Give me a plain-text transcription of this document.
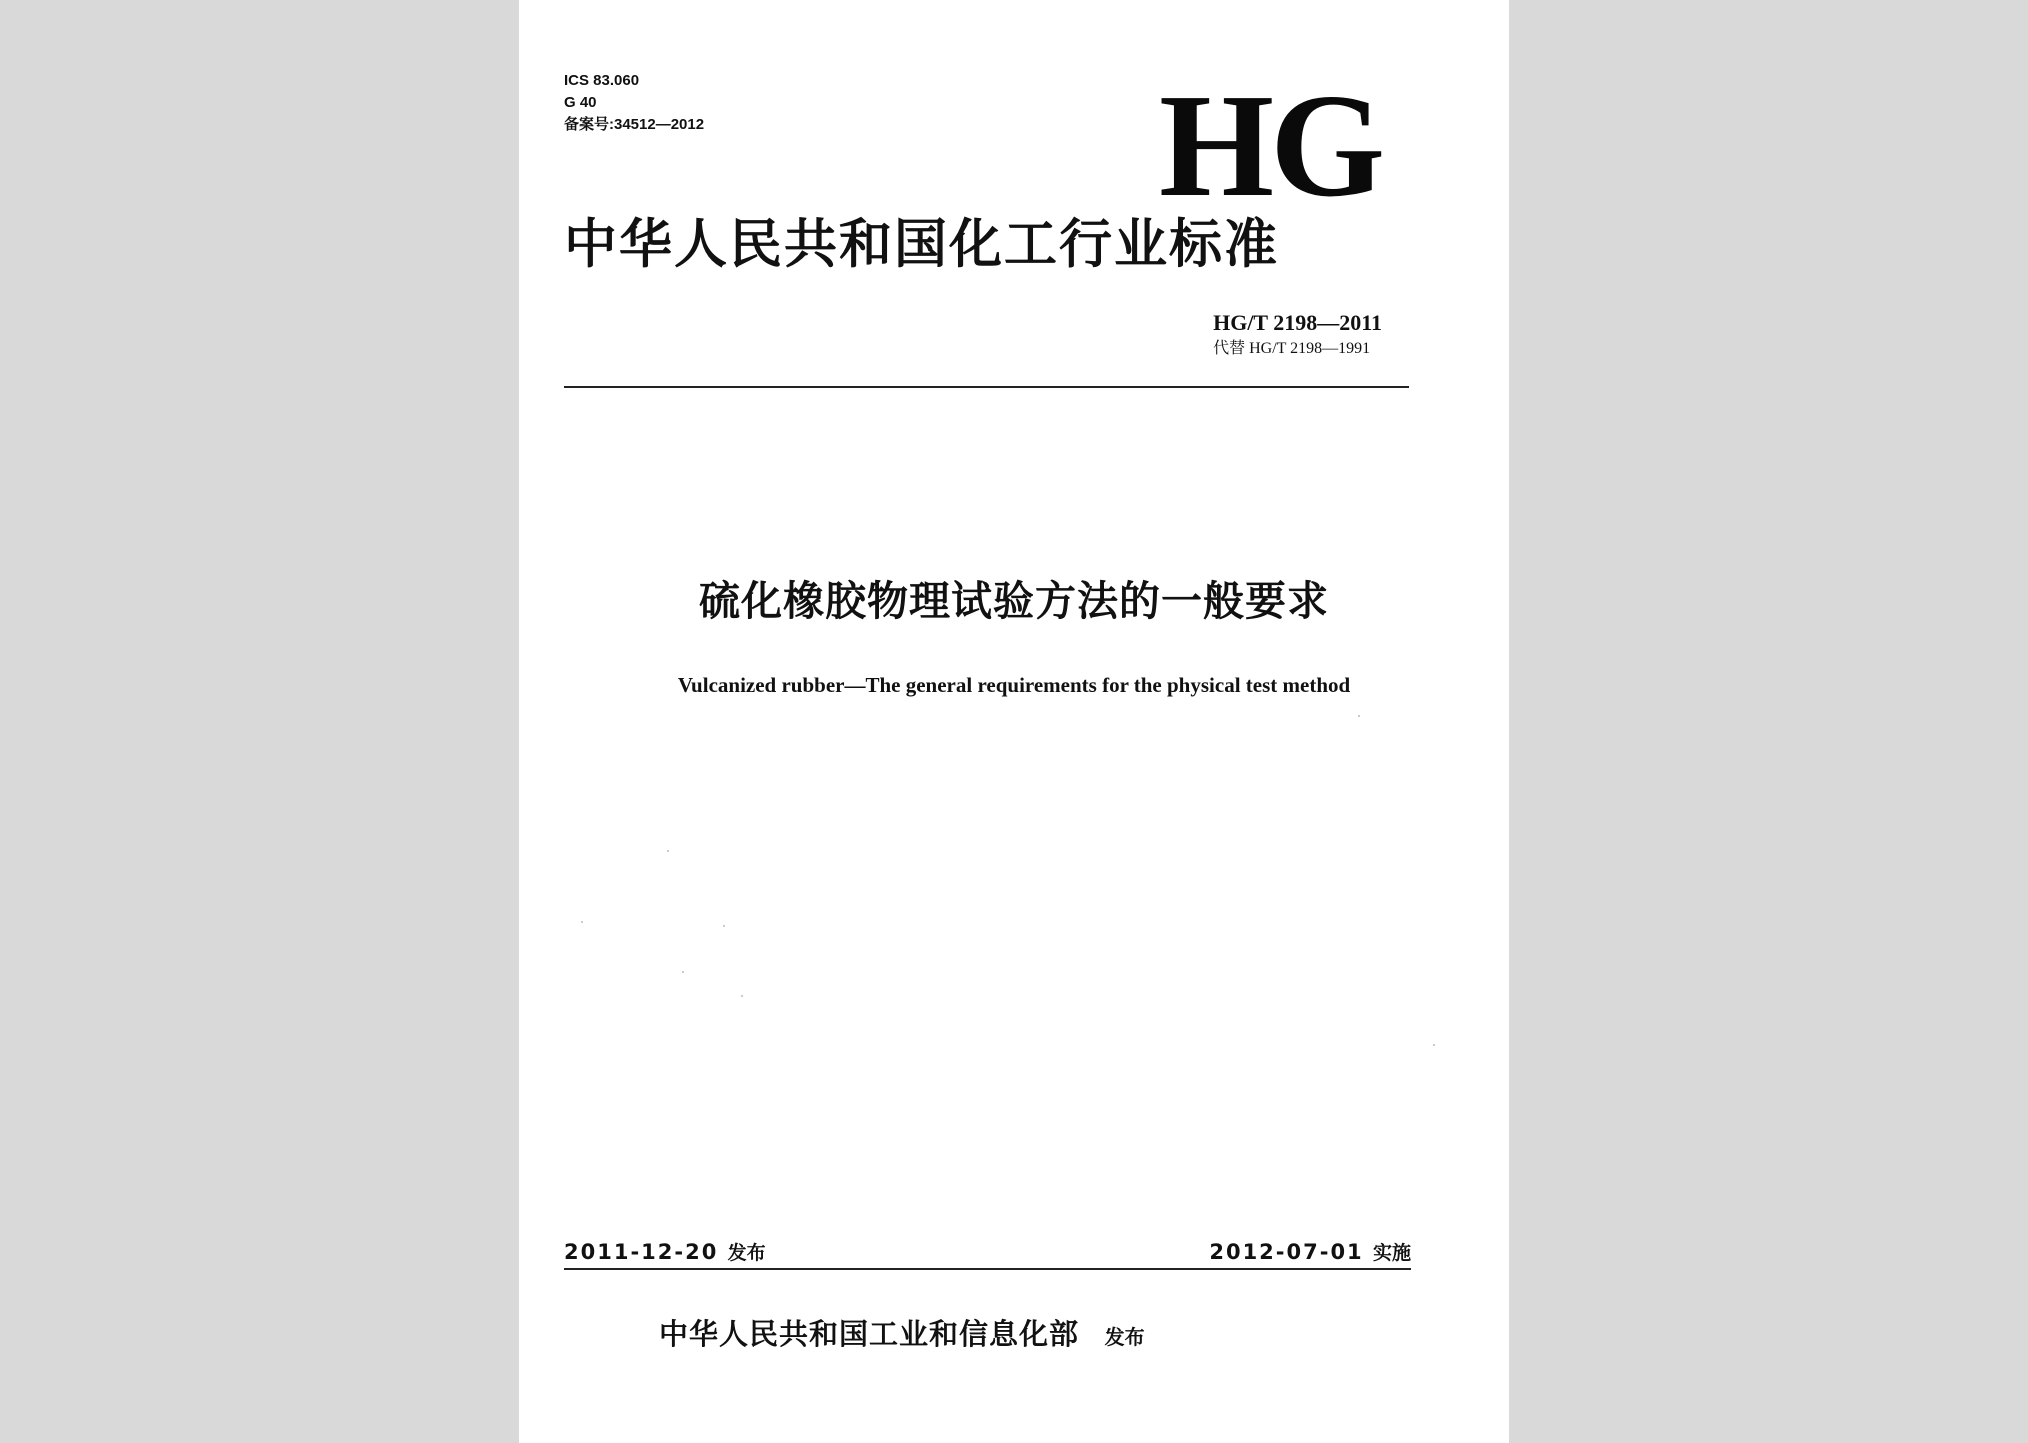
ICS 83.060
G 40
备案号:34512—2012	HG
中华人民共和国化工行业标准
HG/T 2198—2011
代替 HG/T 2198—1991
硫化橡胶物理试验方法的一般要求
Vulcanized rubber—The general requirements for the physical test method
2011-12-20 发布	2012-07-01 实施
中华人民共和国工业和信息化部 发布
